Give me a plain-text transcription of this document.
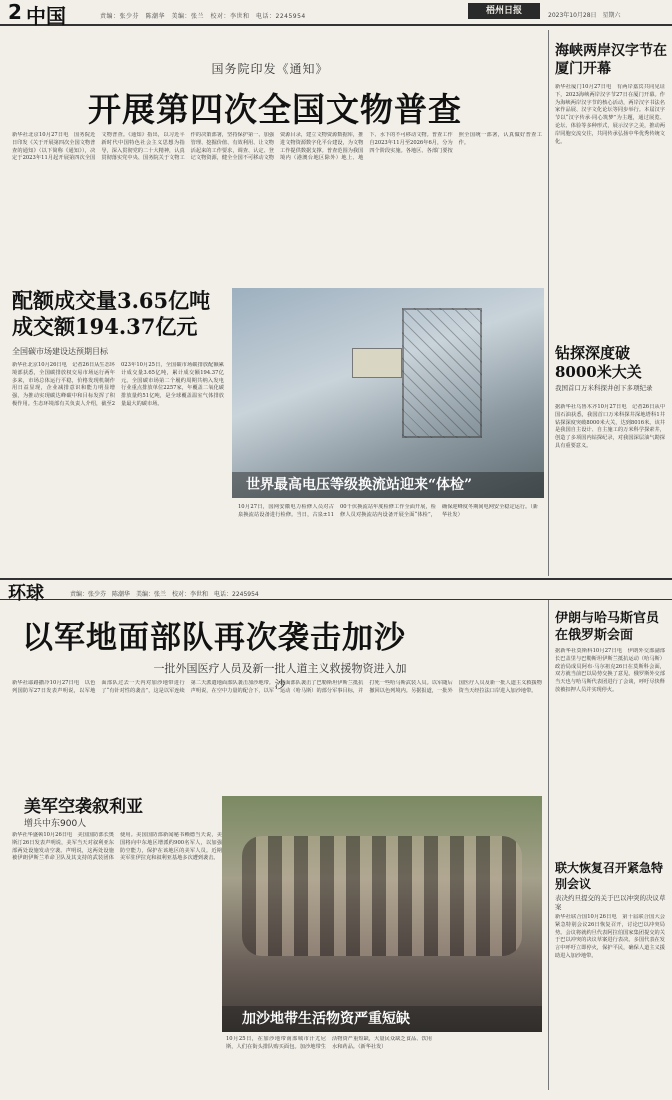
2 中国	责编：张少芬　陈潮华　美编：张兰　校对：李世和　电话：2245954
梧州日报	2023年10月28日　星期六
国务院印发《通知》
开展第四次全国文物普查
新华社北京10月27日电　国务院近日印发《关于开展第四次全国文物普查的通知》（以下简称《通知》），决定于2023年11月起开展第四次全国文物普查。《通知》指出，以习近平新时代中国特色社会主义思想为指导，深入贯彻党的二十大精神，认真贯彻落实党中央、国务院关于文物工作的决策部署，坚持保护第一、加强管理、挖掘价值、有效利用、让文物活起来的工作要求，调查、认定、登记文物资源，健全全国不可移动文物资源目录，建立文物资源数据库，推进文物资源数字化平台建设，为文物工作提供数据支撑。普查范围为我国境内（港澳台地区除外）地上、地下、水下的不可移动文物。普查工作自2023年11月至2026年6月，分为四个阶段实施。各地区、各部门要按照全国统一部署，认真做好普查工作。
配额成交量3.65亿吨
成交额194.37亿元
全国碳市场建设达预期目标
新华社北京10月26日电　记者26日从生态环境部获悉，全国碳排放权交易市场运行两年多来，市场总体运行平稳，价格发现机制作用日益显现，企业减排意识和能力明显增强，为推动实现碳达峰碳中和目标发挥了积极作用。生态环境部有关负责人介绍，截至2023年10月25日，全国碳市场碳排放配额累计成交量3.65亿吨，累计成交额194.37亿元。全国碳市场第二个履约周期共纳入发电行业重点排放单位2257家，年覆盖二氧化碳排放量约51亿吨，是全球覆盖温室气体排放量最大的碳市场。
世界最高电压等级换流站迎来“体检”
10月27日，国网安徽电力检修人员对古泉换流站设备进行检修。当日，古泉±1100千伏换流站年度检修工作全面开展，检修人员对换流站内设备开展全面“体检”，确保迎峰度冬期间电网安全稳定运行。（新华社发）
海峡两岸汉字节在厦门开幕
新华社厦门10月27日电　有两岸嘉宾共同见证下，2023海峡两岸汉字节27日在厦门开幕。作为海峡两岸汉字节的核心活动，两岸汉字书法名家作品展、汉字文化论坛等同步举行。本届汉字节以“汉字传承·同心筑梦”为主题，通过展览、论坛、体验等多种形式，展示汉字之美，推动两岸同胞交流交往，共同传承弘扬中华优秀传统文化。
钻探深度破8000米大关
我国首口万米科探井创下多项纪录
据新华社乌鲁木齐10月27日电　记者26日从中国石油获悉，我国首口万米科探井深地塔科1井钻探深度突破8000米大关，达到8016米。该井是我国自主设计、自主施工的万米科学探索井，创造了多项国内钻探纪录，对我国深层油气勘探具有重要意义。
环球	责编：张少芬　陈潮华　美编：张兰　校对：李世和　电话：2245954
以军地面部队再次袭击加沙
一批外国医疗人员及新一批人道主义救援物资进入加沙
新华社耶路撒冷10月27日电　以色列国防军27日发表声明说，以军地面部队过去一天内对加沙地带进行了“有针对性的袭击”，这是以军连续第二天派遣地面部队袭击加沙地带。声明说，在空中力量的配合下，以军地面部队袭击了巴勒斯坦伊斯兰抵抗运动（哈马斯）的部分军事目标，并打死一些哈马斯武装人员。以军随后撤回以色列境内。另据报道，一批外国医疗人员及新一批人道主义救援物资当天经拉法口岸进入加沙地带。
美军空袭叙利亚
增兵中东900人
新华社华盛顿10月26日电　美国国防部长奥斯汀26日发表声明说，美军当天对叙利亚东部两处设施发动空袭。声明说，这两处设施被伊朗伊斯兰革命卫队及其支持的武装团体使用。美国国防部新闻秘书赖德当天说，美国将向中东地区增派约900名军人，以加强防空能力，保护在该地区的美军人员。近期美军驻伊拉克和叙利亚基地多次遭到袭击。
加沙地带生活物资严重短缺
10月25日，在加沙地带南部城市汗尤尼斯，人们在街头排队购买面包。加沙地带生活物资严重短缺，大量民众缺乏食品、饮用水和药品。（新华社发）
伊朗与哈马斯官员在俄罗斯会面
据新华社莫斯科10月27日电　伊朗外交部副部长巴盖里与巴勒斯坦伊斯兰抵抗运动（哈马斯）政治局成员阿布·马尔祖克26日在莫斯科会面，双方就当前巴以局势交换了意见。俄罗斯外交部当天也与哈马斯代表团进行了会谈，呼吁尽快释放被扣押人员并实现停火。
联大恢复召开紧急特别会议
表决约旦提交的关于巴以冲突的决议草案
新华社联合国10月26日电　第十届联合国大会紧急特别会议26日恢复召开，讨论巴以冲突局势。会议将就约旦代表阿拉伯国家集团提交的关于巴以冲突的决议草案进行表决。多国代表在发言中呼吁立即停火，保护平民，确保人道主义援助进入加沙地带。
